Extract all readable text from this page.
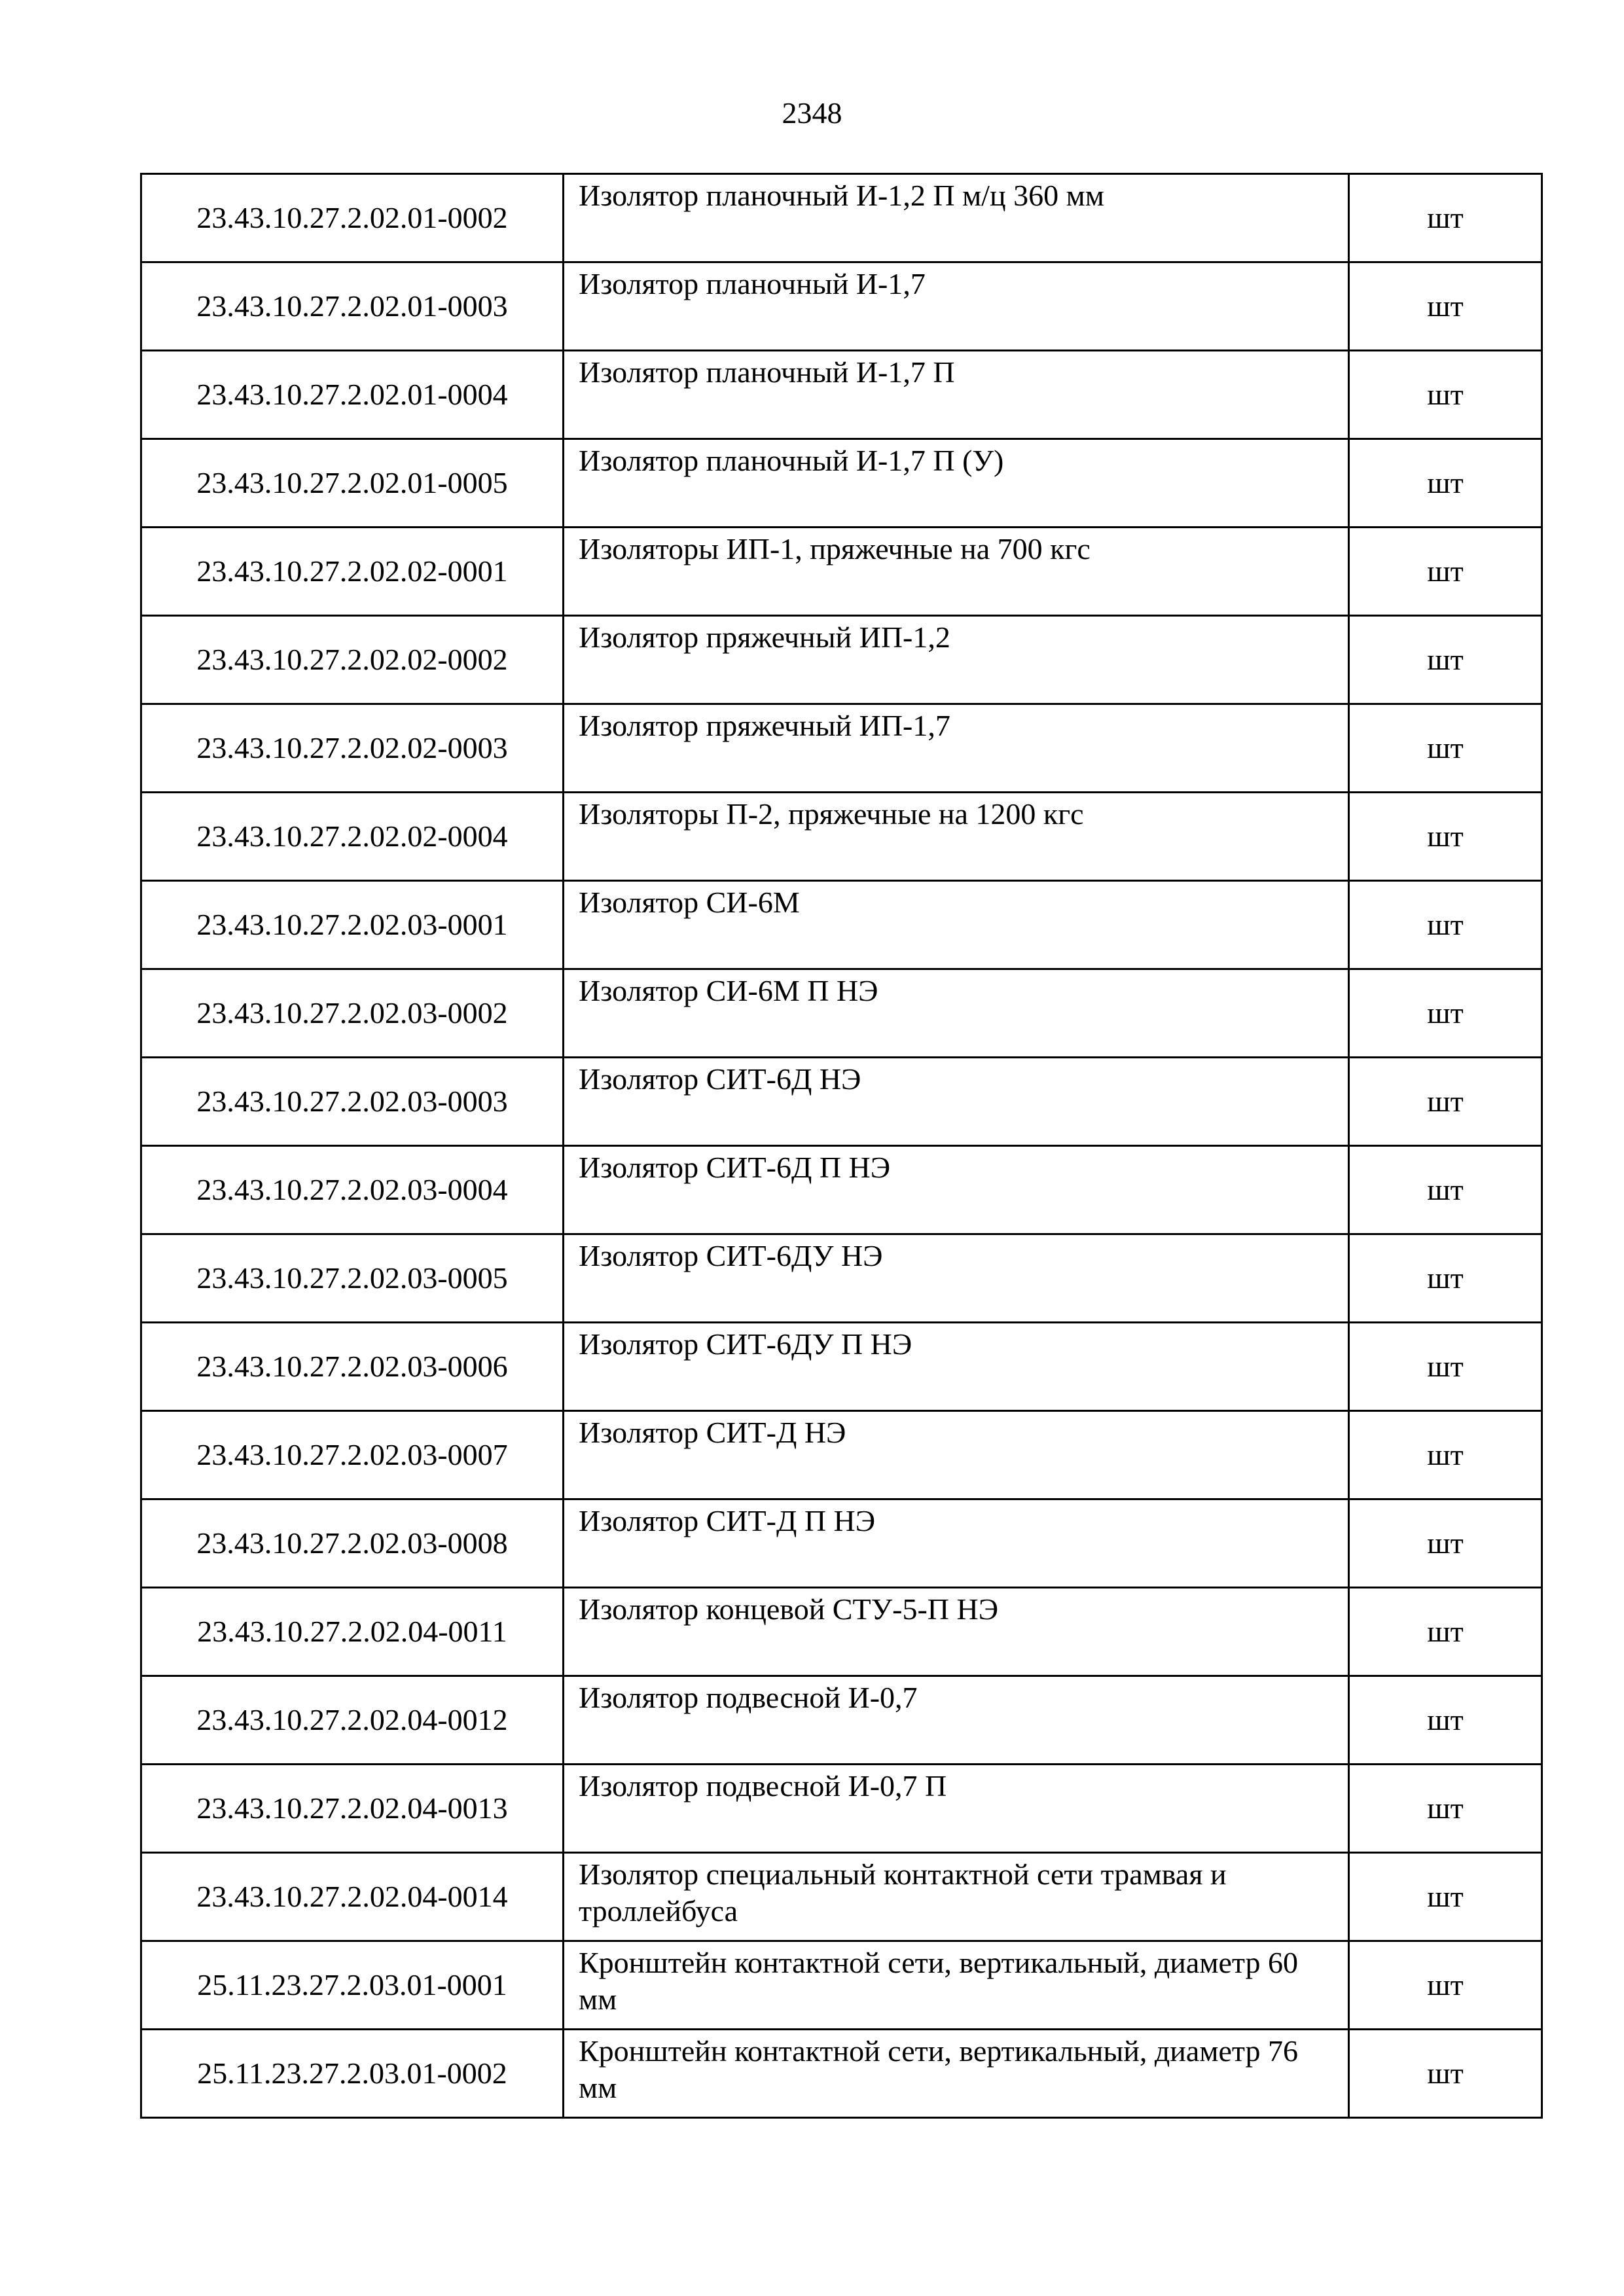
2348
23.43.10.27.2.02.01-0002	Изолятор планочный И-1,2 П м/ц 360 мм	шт
23.43.10.27.2.02.01-0003	Изолятор планочный И-1,7	шт
23.43.10.27.2.02.01-0004	Изолятор планочный И-1,7 П	шт
23.43.10.27.2.02.01-0005	Изолятор планочный И-1,7 П (У)	шт
23.43.10.27.2.02.02-0001	Изоляторы ИП-1, пряжечные на 700 кгс	шт
23.43.10.27.2.02.02-0002	Изолятор пряжечный ИП-1,2	шт
23.43.10.27.2.02.02-0003	Изолятор пряжечный ИП-1,7	шт
23.43.10.27.2.02.02-0004	Изоляторы П-2, пряжечные на 1200 кгс	шт
23.43.10.27.2.02.03-0001	Изолятор СИ-6М	шт
23.43.10.27.2.02.03-0002	Изолятор СИ-6М П НЭ	шт
23.43.10.27.2.02.03-0003	Изолятор СИТ-6Д НЭ	шт
23.43.10.27.2.02.03-0004	Изолятор СИТ-6Д П НЭ	шт
23.43.10.27.2.02.03-0005	Изолятор СИТ-6ДУ НЭ	шт
23.43.10.27.2.02.03-0006	Изолятор СИТ-6ДУ П НЭ	шт
23.43.10.27.2.02.03-0007	Изолятор СИТ-Д НЭ	шт
23.43.10.27.2.02.03-0008	Изолятор СИТ-Д П НЭ	шт
23.43.10.27.2.02.04-0011	Изолятор концевой СТУ-5-П НЭ	шт
23.43.10.27.2.02.04-0012	Изолятор подвесной И-0,7	шт
23.43.10.27.2.02.04-0013	Изолятор подвесной И-0,7 П	шт
23.43.10.27.2.02.04-0014	Изолятор специальный контактной сети трамвая и троллейбуса	шт
25.11.23.27.2.03.01-0001	Кронштейн контактной сети, вертикальный, диаметр 60 мм	шт
25.11.23.27.2.03.01-0002	Кронштейн контактной сети, вертикальный, диаметр 76 мм	шт
